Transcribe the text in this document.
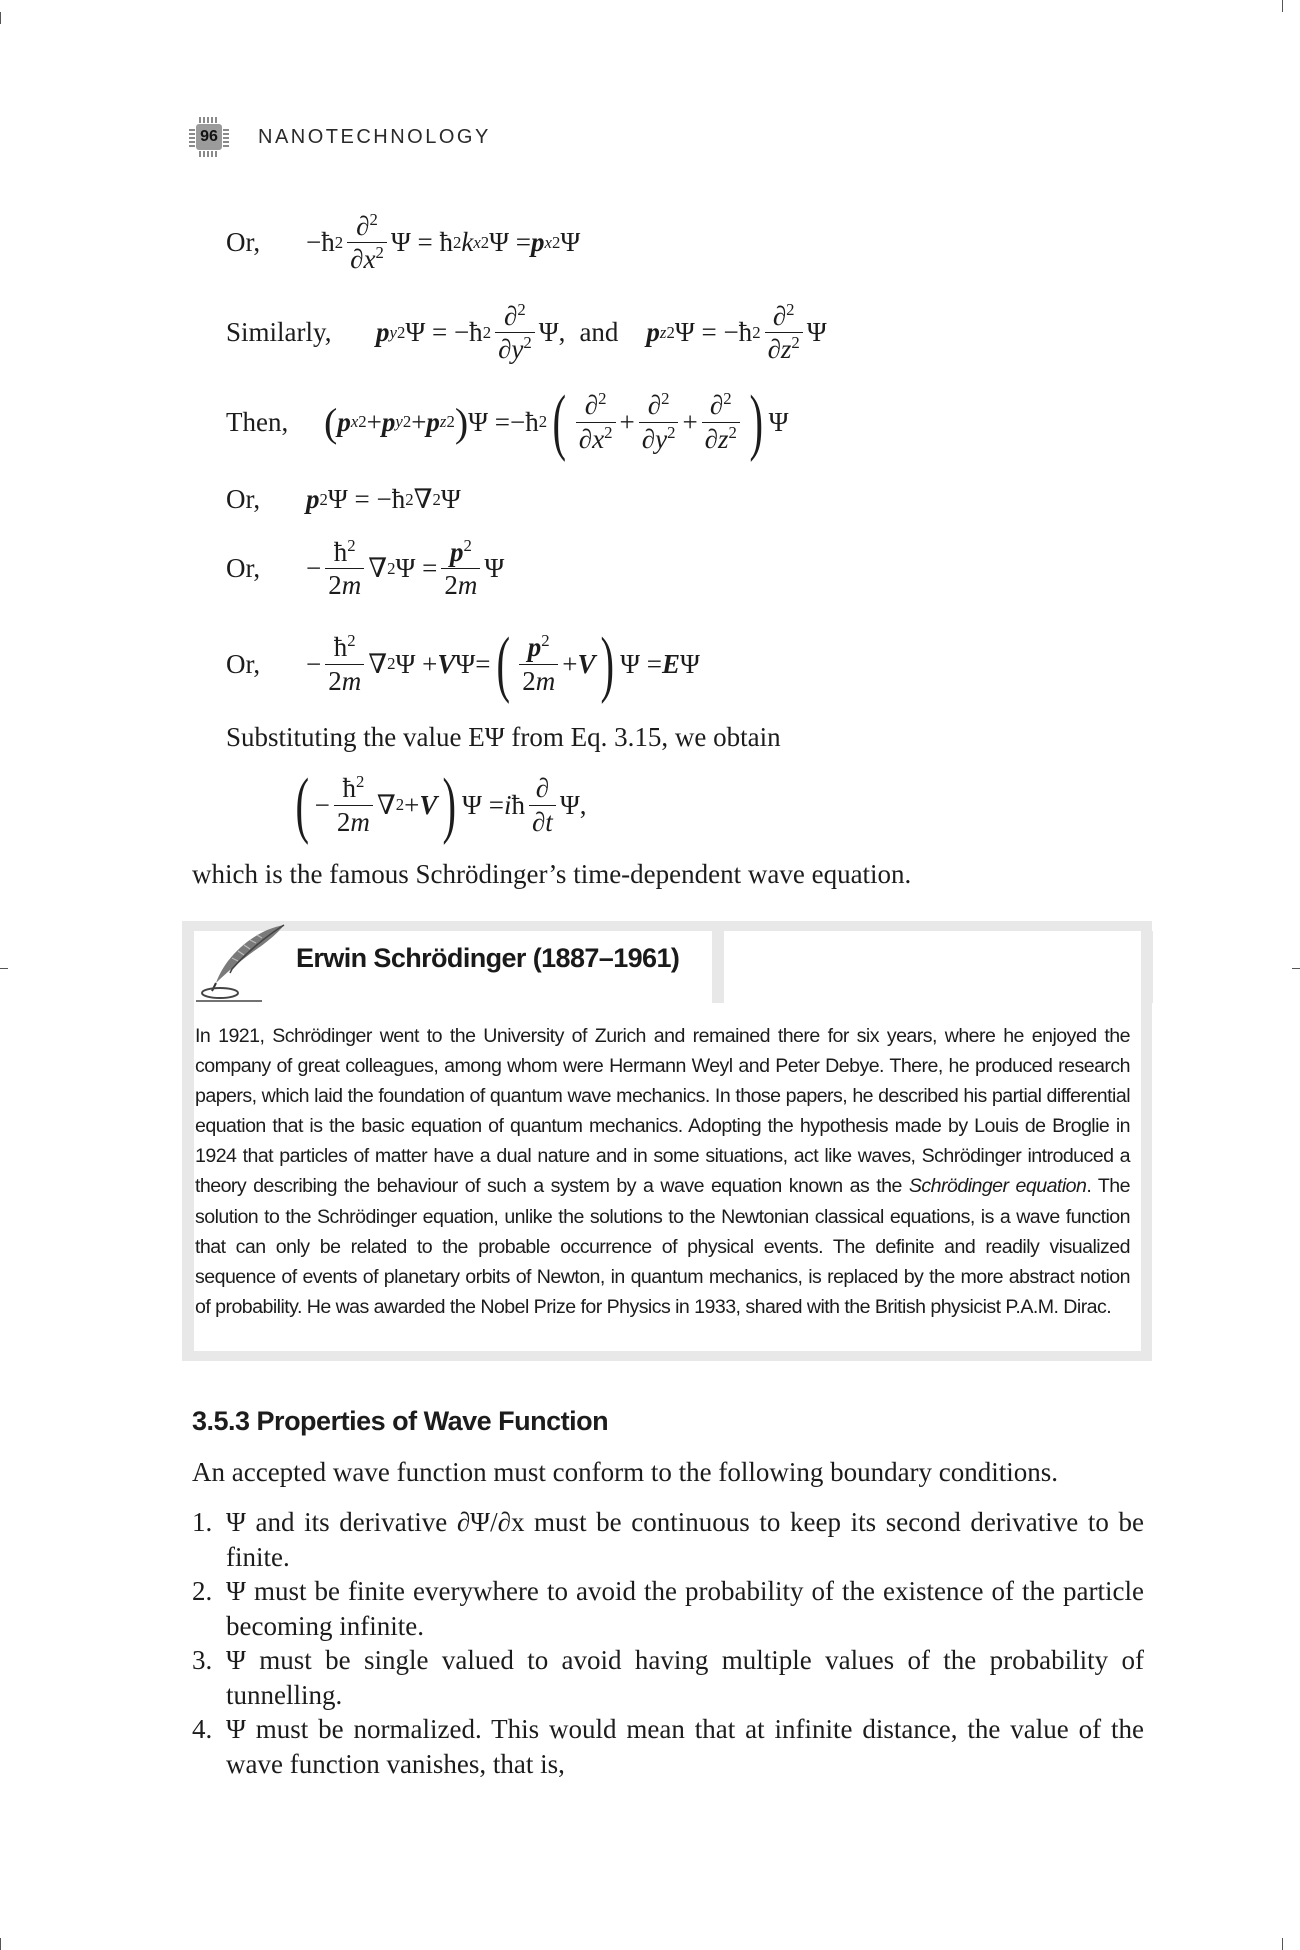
96 NANOTECHNOLOGY
Or,	−ħ $2 \frac{\partial^2}{\partial x^2}$ Ψ = ħ 2 k x 2 Ψ = p x 2 Ψ
Similarly,	p y 2 Ψ = −ħ $2 \frac{\partial^2}{\partial y^2} \Psi$, and p z 2 Ψ = −ħ $2 \frac{\partial^2}{\partial z^2}$ Ψ
Then, ( p x 2 + p y 2 + p z 2 ) Ψ =−ħ 2 ( $\frac{\partial^2}{\partial x^2} + \frac{\partial^2}{\partial y^2} + \frac{\partial^2}{\partial z^2}$ ) Ψ
Or,	p 2 Ψ = −ħ 2 ∇ 2 Ψ
Or,	− $\frac{ħ^2}{2m}$ ∇ 2 $\Psi = \frac{p^2}{2m}$ Ψ
Or,	− $\frac{ħ^2}{2m}$ ∇ 2 Ψ + V Ψ= ( $\frac{p^2}{2m} + V$ ) Ψ = E Ψ
Substituting the value EΨ from Eq. 3.15, we obtain
( − $\frac{ħ^2}{2m}$ ∇ 2 + V ) Ψ = i ħ $\frac{\partial}{\partial t} \Psi$,
which is the famous Schrödinger’s time-dependent wave equation.
Erwin Schrödinger (1887–1961)
In 1921, Schrödinger went to the University of Zurich and remained there for six years, where he enjoyed the company of great colleagues, among whom were Hermann Weyl and Peter Debye. There, he produced research papers, which laid the foundation of quantum wave mechanics. In those papers, he described his partial differential equation that is the basic equation of quantum mechanics. Adopting the hypothesis made by Louis de Broglie in 1924 that particles of matter have a dual nature and in some situations, act like waves, Schrödinger introduced a theory describing the behaviour of such a system by a wave equation known as the Schrödinger equation. The solution to the Schrödinger equation, unlike the solutions to the Newtonian classical equations, is a wave function that can only be related to the probable occurrence of physical events. The definite and readily visualized sequence of events of planetary orbits of Newton, in quantum mechanics, is replaced by the more abstract notion of probability. He was awarded the Nobel Prize for Physics in 1933, shared with the British physicist P.A.M. Dirac.
3.5.3 Properties of Wave Function
An accepted wave function must conform to the following boundary conditions.
1. Ψ and its derivative ∂Ψ/∂x must be continuous to keep its second derivative to be finite.
2. Ψ must be finite everywhere to avoid the probability of the existence of the particle becoming infinite.
3. Ψ must be single valued to avoid having multiple values of the probability of tunnelling.
4. Ψ must be normalized. This would mean that at infinite distance, the value of the wave function vanishes, that is,
